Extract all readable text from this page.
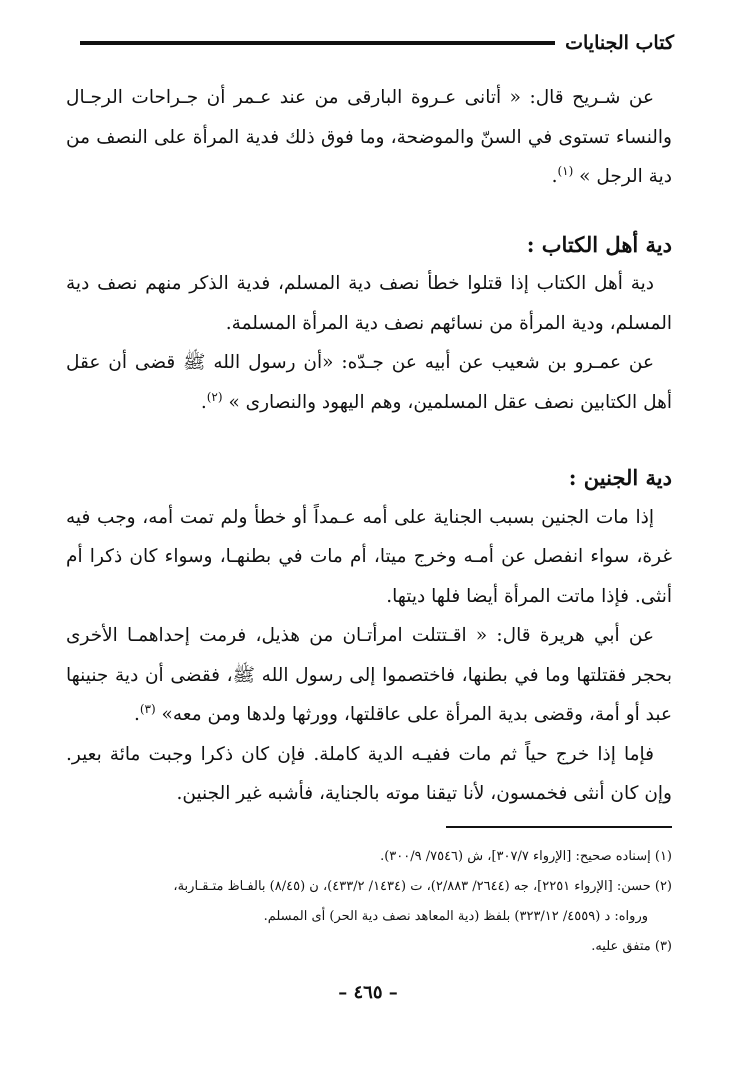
كتاب الجنايات

عن شـريح قال: « أتانى عـروة البارقى من عند عـمر أن جـراحات الرجـال والنساء تستوى في السنّ والموضحة، وما فوق ذلك فدية المرأة على النصف من دية الرجل » $^{(١)}$.

دية أهل الكتاب :

دية أهل الكتاب إذا قتلوا خطأ نصف دية المسلم، فدية الذكر منهم نصف دية المسلم، ودية المرأة من نسائهم نصف دية المرأة المسلمة.

عن عمـرو بن شعيب عن أبيه عن جـدّه: «أن رسول الله ﷺ قضى أن عقل أهل الكتابين نصف عقل المسلمين، وهم اليهود والنصارى » $^{(٢)}$.

دية الجنين :

إذا مات الجنين بسبب الجناية على أمه عـمداً أو خطأ ولم تمت أمه، وجب فيه غرة، سواء انفصل عن أمـه وخرج ميتا، أم مات في بطنهـا، وسواء كان ذكرا أم أنثى. فإذا ماتت المرأة أيضا فلها ديتها.

عن أبي هريرة قال: « اقـتتلت امرأتـان من هذيل، فرمت إحداهمـا الأخرى بحجر فقتلتها وما في بطنها، فاختصموا إلى رسول الله ﷺ، فقضى أن دية جنينها عبد أو أمة، وقضى بدية المرأة على عاقلتها، وورثها ولدها ومن معه» $^{(٣)}$.

فإما إذا خرج حياً ثم مات ففيـه الدية كاملة. فإن كان ذكرا وجبت مائة بعير. وإن كان أنثى فخمسون، لأنا تيقنا موته بالجناية، فأشبه غير الجنين.

(١) إسناده صحيح: [الإرواء ٣٠٧/٧]، ش (٧٥٤٦/ ٣٠٠/٩).

(٢) حسن: [الإرواء ٢٢٥١]، جه (٢٦٤٤/ ٢/٨٨٣)، ت (١٤٣٤/ ٤٣٣/٢)، ن (٨/٤٥) بالفـاظ متـقـاربة،

ورواه: د (٤٥٥٩/ ٣٢٣/١٢) بلفظ (دية المعاهد نصف دية الحر) أى المسلم.

(٣) متفق عليه.

– ٤٦٥ –
